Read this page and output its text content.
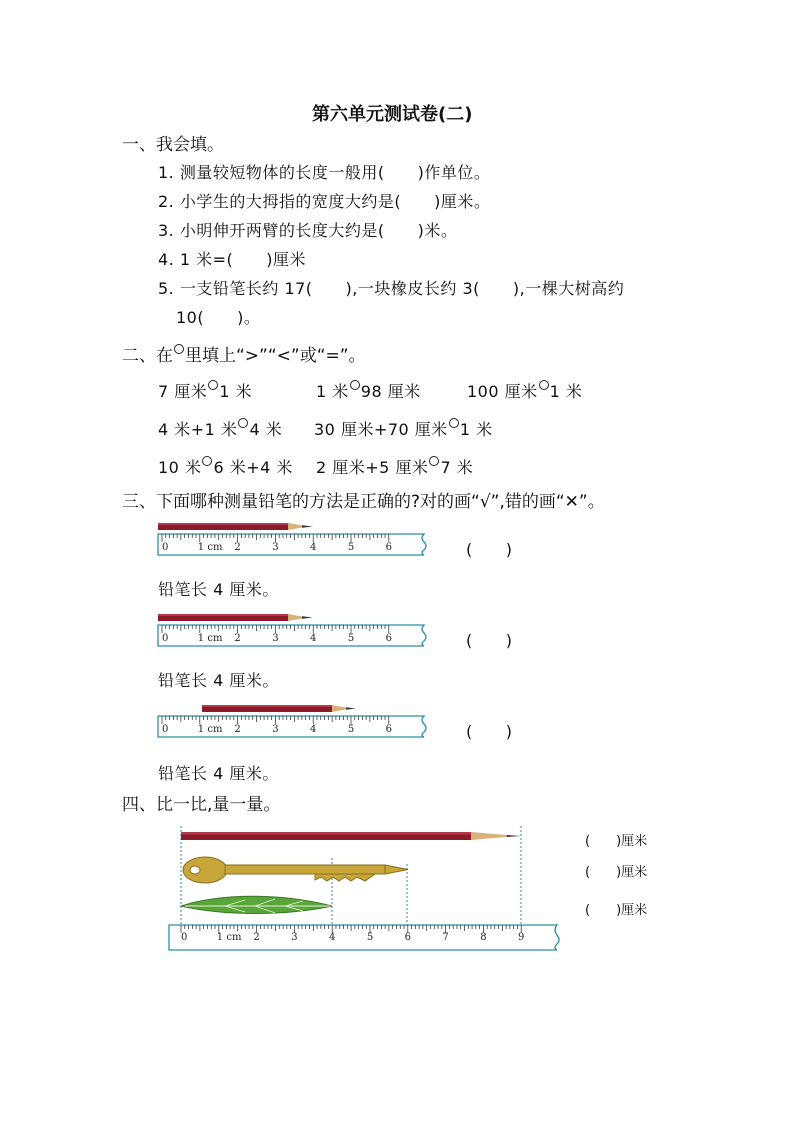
第六单元测试卷(二)
一、我会填。
1. 测量较短物体的长度一般用(　　)作单位。
2. 小学生的大拇指的宽度大约是(　　)厘米。
3. 小明伸开两臂的长度大约是(　　)米。
4. 1 米=(　　)厘米
5. 一支铅笔长约 17(　　),一块橡皮长约 3(　　),一棵大树高约
10(　　)。
二、在 里填上“>”“<”或“=”。
7 厘米 1 米	1 米 98 厘米	100 厘米 1 米
4 米+1 米 4 米 30 厘米+70 厘米 1 米
10 米 6 米+4 米 2 厘米+5 厘米 7 米
三、下面哪种测量铅笔的方法是正确的?对的画“√”,错的画“✕”。
0	1 cm 2	3	4	5	6	(　　)
铅笔长 4 厘米。
0	1 cm 2	3	4	5	6	(　　)
铅笔长 4 厘米。
0	1 cm 2	3	4	5	6	(　　)
铅笔长 4 厘米。
四、比一比,量一量。
0	1 cm 2	3	4	5	6	7	8	9
(　　)厘米
(　　)厘米
(　　)厘米
